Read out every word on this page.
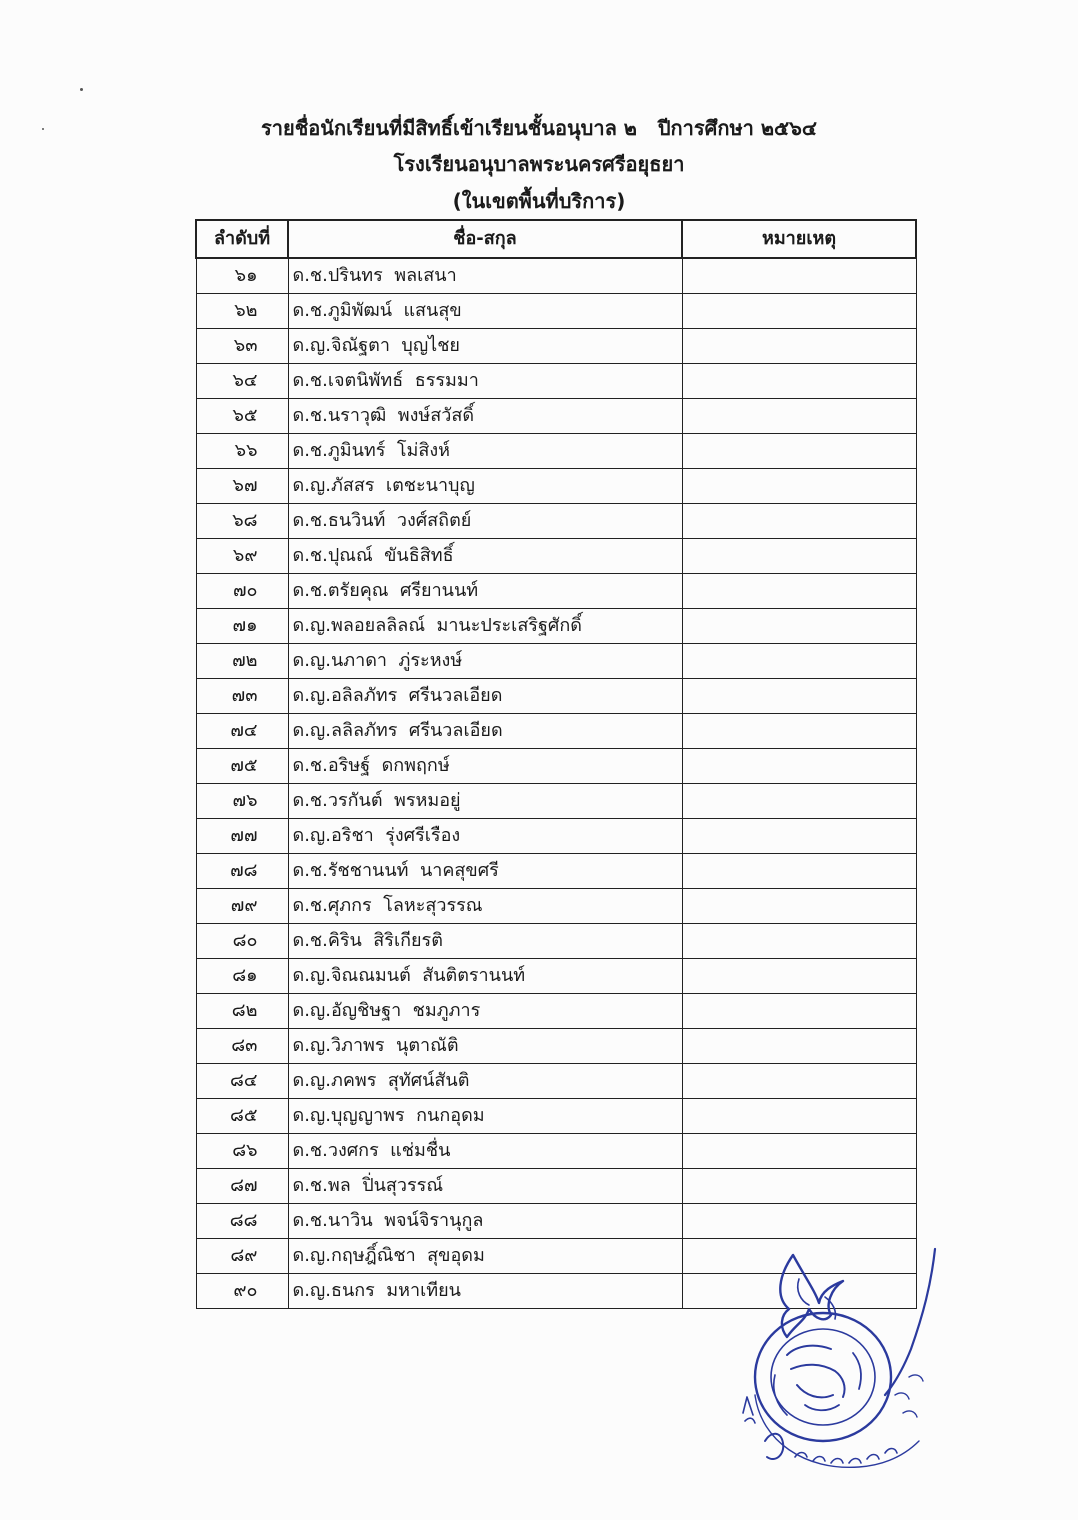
รายชื่อนักเรียนที่มีสิทธิ์เข้าเรียนชั้นอนุบาล ๒   ปีการศึกษา ๒๕๖๔
โรงเรียนอนุบาลพระนครศรีอยุธยา
(ในเขตพื้นที่บริการ)
ลำดับที่	ชื่อ-สกุล	หมายเหตุ
๖๑	ด.ช.ปรินทร  พลเสนา	
๖๒	ด.ช.ภูมิพัฒน์  แสนสุข	
๖๓	ด.ญ.จิณัฐตา  บุญไชย	
๖๔	ด.ช.เจตนิพัทธ์  ธรรมมา	
๖๕	ด.ช.นราวุฒิ  พงษ์สวัสดิ์	
๖๖	ด.ช.ภูมินทร์  โม่สิงห์	
๖๗	ด.ญ.ภัสสร  เตชะนาบุญ	
๖๘	ด.ช.ธนวินท์  วงศ์สถิตย์	
๖๙	ด.ช.ปุณณ์  ขันธิสิทธิ์	
๗๐	ด.ช.ตรัยคุณ  ศรียานนท์	
๗๑	ด.ญ.พลอยลลิลณ์  มานะประเสริฐศักดิ์	
๗๒	ด.ญ.นภาดา  ภู่ระหงษ์	
๗๓	ด.ญ.อลิลภัทร  ศรีนวลเอียด	
๗๔	ด.ญ.ลลิลภัทร  ศรีนวลเอียด	
๗๕	ด.ช.อริษฐ์  ดกพฤกษ์	
๗๖	ด.ช.วรกันต์  พรหมอยู่	
๗๗	ด.ญ.อริชา  รุ่งศรีเรือง	
๗๘	ด.ช.รัชชานนท์  นาคสุขศรี	
๗๙	ด.ช.ศุภกร  โลหะสุวรรณ	
๘๐	ด.ช.คิริน  สิริเกียรติ	
๘๑	ด.ญ.จิณณมนต์  สันติตรานนท์	
๘๒	ด.ญ.อัญชิษฐา  ชมภูภาร	
๘๓	ด.ญ.วิภาพร  นุตาณัติ	
๘๔	ด.ญ.ภคพร  สุทัศน์สันติ	
๘๕	ด.ญ.บุญญาพร  กนกอุดม	
๘๖	ด.ช.วงศกร  แช่มชื่น	
๘๗	ด.ช.พล  ปิ่นสุวรรณ์	
๘๘	ด.ช.นาวิน  พจน์จิรานุกูล	
๘๙	ด.ญ.กฤษฎิ์ณิชา  สุขอุดม	
๙๐	ด.ญ.ธนกร  มหาเทียน	
